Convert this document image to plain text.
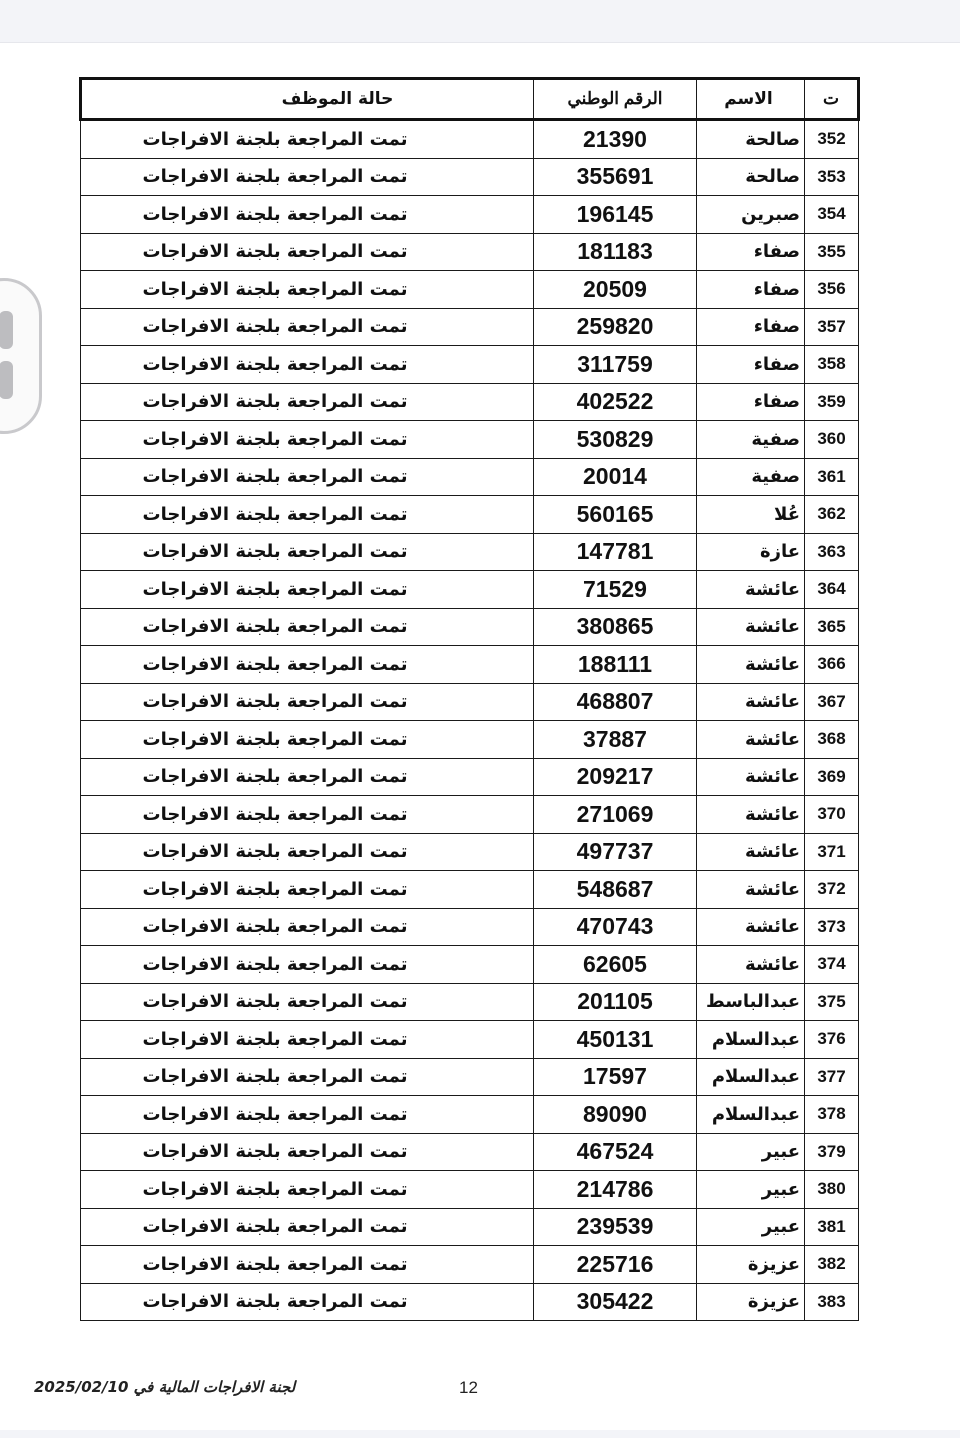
ت	الاسم	الرقم الوطني	حالة الموظف
352	صالحة	21390	تمت المراجعة بلجنة الافراجات
353	صالحة	355691	تمت المراجعة بلجنة الافراجات
354	صبرين	196145	تمت المراجعة بلجنة الافراجات
355	صفاء	181183	تمت المراجعة بلجنة الافراجات
356	صفاء	20509	تمت المراجعة بلجنة الافراجات
357	صفاء	259820	تمت المراجعة بلجنة الافراجات
358	صفاء	311759	تمت المراجعة بلجنة الافراجات
359	صفاء	402522	تمت المراجعة بلجنة الافراجات
360	صفية	530829	تمت المراجعة بلجنة الافراجات
361	صفية	20014	تمت المراجعة بلجنة الافراجات
362	عُلا	560165	تمت المراجعة بلجنة الافراجات
363	عازة	147781	تمت المراجعة بلجنة الافراجات
364	عائشة	71529	تمت المراجعة بلجنة الافراجات
365	عائشة	380865	تمت المراجعة بلجنة الافراجات
366	عائشة	188111	تمت المراجعة بلجنة الافراجات
367	عائشة	468807	تمت المراجعة بلجنة الافراجات
368	عائشة	37887	تمت المراجعة بلجنة الافراجات
369	عائشة	209217	تمت المراجعة بلجنة الافراجات
370	عائشة	271069	تمت المراجعة بلجنة الافراجات
371	عائشة	497737	تمت المراجعة بلجنة الافراجات
372	عائشة	548687	تمت المراجعة بلجنة الافراجات
373	عائشة	470743	تمت المراجعة بلجنة الافراجات
374	عائشة	62605	تمت المراجعة بلجنة الافراجات
375	عبدالباسط	201105	تمت المراجعة بلجنة الافراجات
376	عبدالسلام	450131	تمت المراجعة بلجنة الافراجات
377	عبدالسلام	17597	تمت المراجعة بلجنة الافراجات
378	عبدالسلام	89090	تمت المراجعة بلجنة الافراجات
379	عبير	467524	تمت المراجعة بلجنة الافراجات
380	عبير	214786	تمت المراجعة بلجنة الافراجات
381	عبير	239539	تمت المراجعة بلجنة الافراجات
382	عزيزة	225716	تمت المراجعة بلجنة الافراجات
383	عزيزة	305422	تمت المراجعة بلجنة الافراجات
لجنة الافراجات المالية في 2025/02/10	12
